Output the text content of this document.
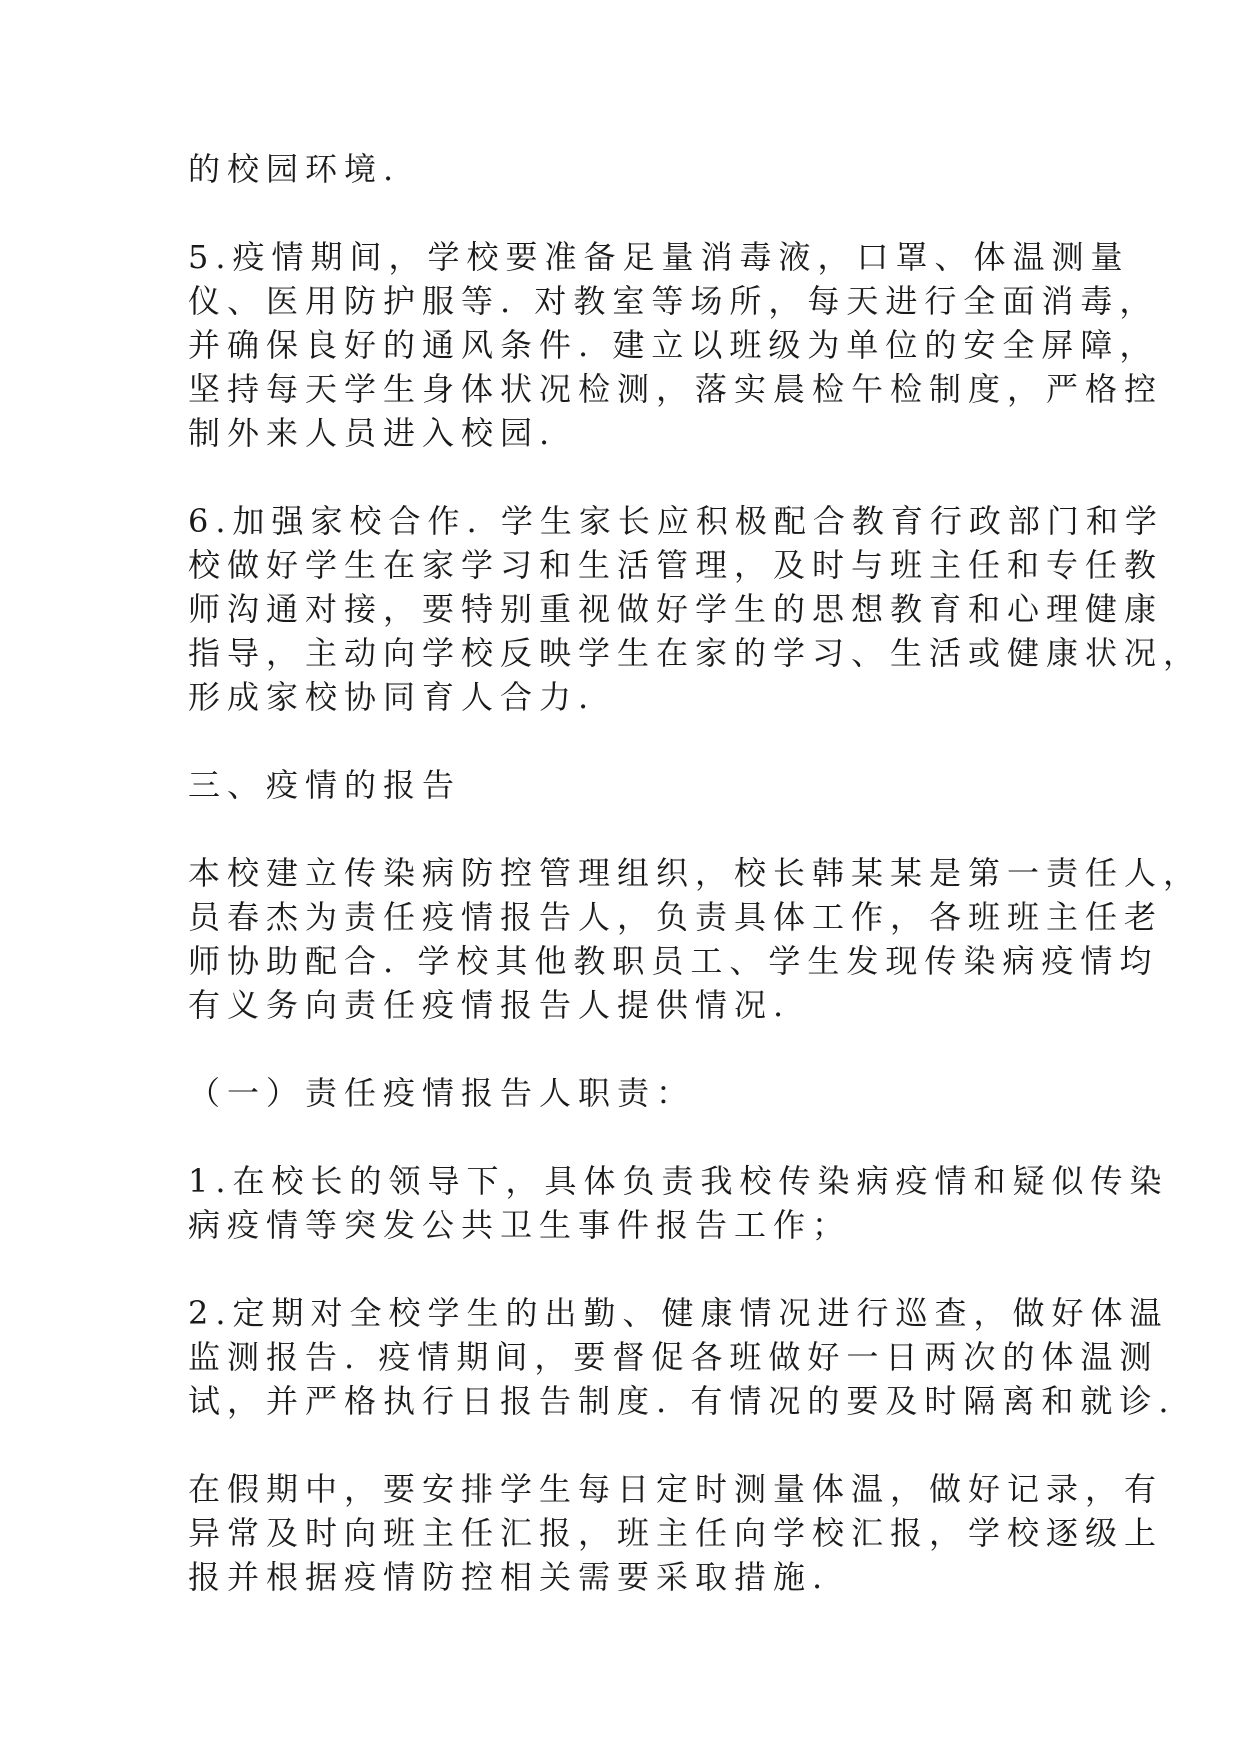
的校园环境.
5.疫情期间，学校要准备足量消毒液，口罩、体温测量
仪、医用防护服等. 对教室等场所，每天进行全面消毒，
并确保良好的通风条件. 建立以班级为单位的安全屏障，
坚持每天学生身体状况检测，落实晨检午检制度，严格控
制外来人员进入校园.
6.加强家校合作. 学生家长应积极配合教育行政部门和学
校做好学生在家学习和生活管理，及时与班主任和专任教
师沟通对接，要特别重视做好学生的思想教育和心理健康
指导，主动向学校反映学生在家的学习、生活或健康状况，
形成家校协同育人合力.
三、疫情的报告
本校建立传染病防控管理组织，校长韩某某是第一责任人，
员春杰为责任疫情报告人，负责具体工作，各班班主任老
师协助配合. 学校其他教职员工、学生发现传染病疫情均
有义务向责任疫情报告人提供情况.
（一）责任疫情报告人职责：
1.在校长的领导下，具体负责我校传染病疫情和疑似传染
病疫情等突发公共卫生事件报告工作；
2.定期对全校学生的出勤、健康情况进行巡查，做好体温
监测报告. 疫情期间，要督促各班做好一日两次的体温测
试，并严格执行日报告制度. 有情况的要及时隔离和就诊.
在假期中，要安排学生每日定时测量体温，做好记录，有
异常及时向班主任汇报，班主任向学校汇报，学校逐级上
报并根据疫情防控相关需要采取措施.
